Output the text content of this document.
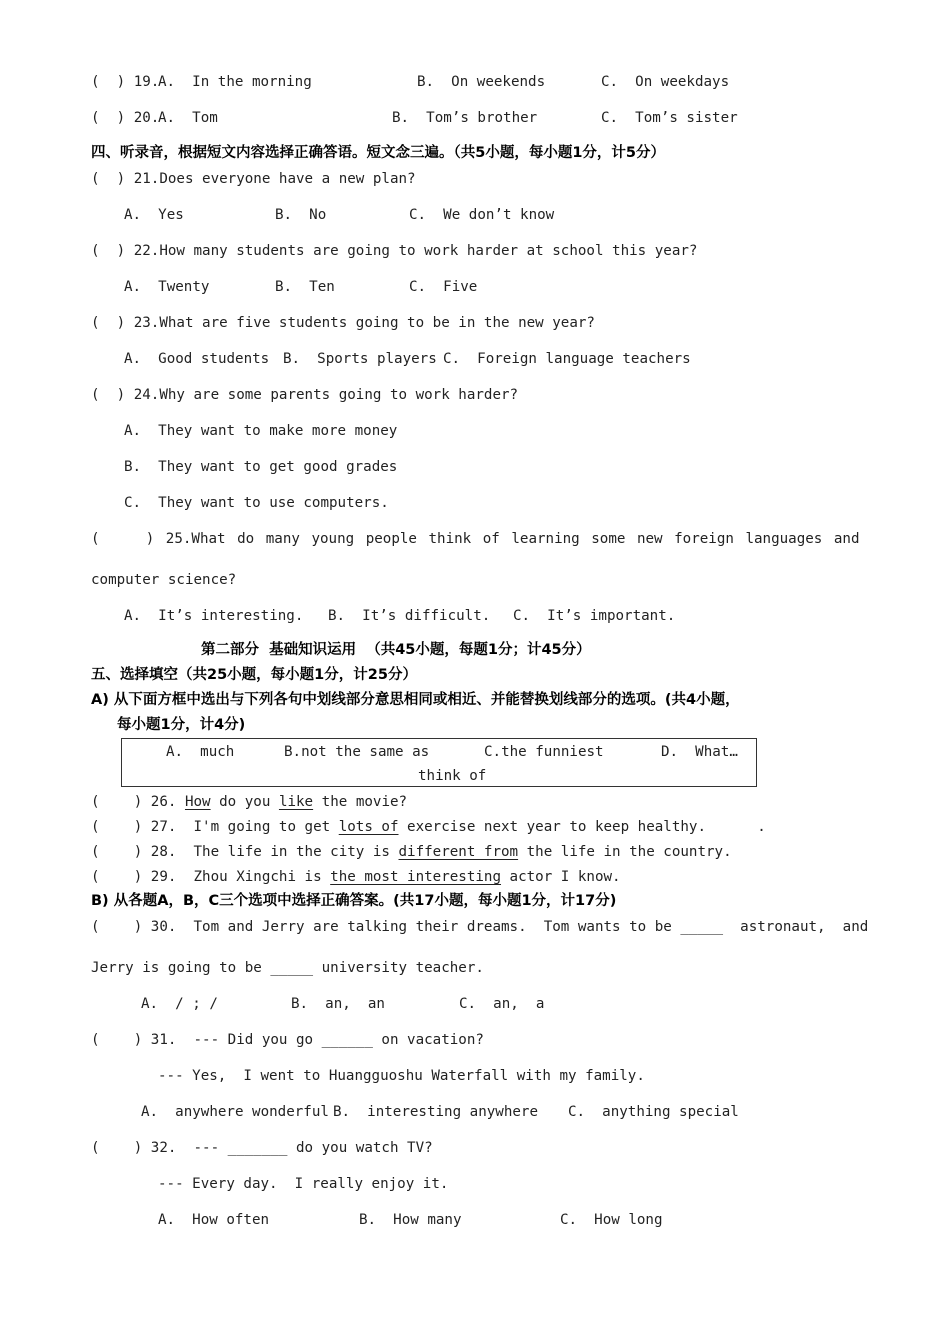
(  ) 19.
A.  In the morning	B.  On weekends	C.  On weekdays
(  ) 20.
A.  Tom	B.  Tom’s brother	C.  Tom’s sister
四、听录音，根据短文内容选择正确答语。短文念三遍。（共5小题，每小题1分，计5分）
(  ) 21.Does everyone have a new plan?
A.  Yes	B.  No	C.  We don’t know
(  ) 22.How many students are going to work harder at school this year?
A.  Twenty	B.  Ten	C.  Five
(  ) 23.What are five students going to be in the new year?
A.  Good students B.  Sports players C.  Foreign language teachers
(  ) 24.Why are some parents going to work harder?
A.  They want to make more money
B.  They want to get good grades
C.  They want to use computers.
(    ) 25.What do many young people think of learning some new foreign languages and
computer science?
A.  It’s interesting. B.  It’s difficult. C.  It’s important.
第二部分  基础知识运用  （共45小题，每题1分；计45分）
五、选择填空（共25小题，每小题1分，计25分）
A) 从下面方框中选出与下列各句中划线部分意思相同或相近、并能替换划线部分的选项。(共4小题，
每小题1分，计4分)
A.  much	B.not the same as	C.the funniest	D.  What…
think of
(    ) 26. How do you like the movie?
(    ) 27.  I'm going to get lots of exercise next year to keep healthy.      .
(    ) 28.  The life in the city is different from the life in the country.
(    ) 29.  Zhou Xingchi is the most interesting actor I know.
B) 从各题A，B，C三个选项中选择正确答案。(共17小题，每小题1分，计17分)
(    ) 30.  Tom and Jerry are talking their dreams.  Tom wants to be _____  astronaut,  and
Jerry is going to be _____ university teacher.
A.  / ; /	B.  an,  an	C.  an,  a
(    ) 31.  --- Did you go ______ on vacation?
--- Yes,  I went to Huangguoshu Waterfall with my family.
A.  anywhere wonderful B.  interesting anywhere C.  anything special
(    ) 32.  --- _______ do you watch TV?
--- Every day.  I really enjoy it.
A.  How often	B.  How many	C.  How long
